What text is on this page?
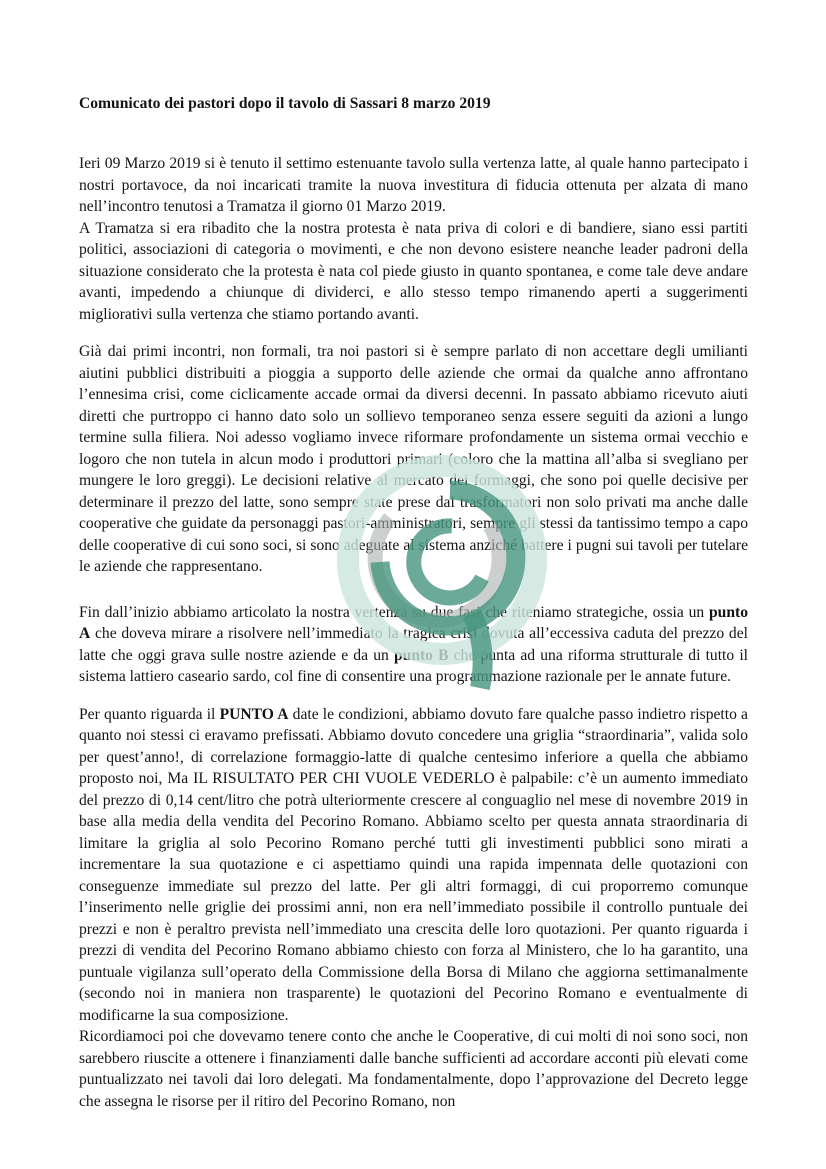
Comunicato dei pastori dopo il tavolo di Sassari 8 marzo 2019

Ieri 09 Marzo 2019 si è tenuto il settimo estenuante tavolo sulla vertenza latte, al quale hanno partecipato i nostri portavoce, da noi incaricati tramite la nuova investitura di fiducia ottenuta per alzata di mano nell’incontro tenutosi a Tramatza il giorno 01 Marzo 2019.

A Tramatza si era ribadito che la nostra protesta è nata priva di colori e di bandiere, siano essi partiti politici, associazioni di categoria o movimenti, e che non devono esistere neanche leader padroni della situazione considerato che la protesta è nata col piede giusto in quanto spontanea, e come tale deve andare avanti, impedendo a chiunque di dividerci, e allo stesso tempo rimanendo aperti a suggerimenti migliorativi sulla vertenza che stiamo portando avanti.

Già dai primi incontri, non formali, tra noi pastori si è sempre parlato di non accettare degli umilianti aiutini pubblici distribuiti a pioggia a supporto delle aziende che ormai da qualche anno affrontano l’ennesima crisi, come ciclicamente accade ormai da diversi decenni. In passato abbiamo ricevuto aiuti diretti che purtroppo ci hanno dato solo un sollievo temporaneo senza essere seguiti da azioni a lungo termine sulla filiera. Noi adesso vogliamo invece riformare profondamente un sistema ormai vecchio e logoro che non tutela in alcun modo i produttori primari (coloro che la mattina all’alba si svegliano per mungere le loro greggi). Le decisioni relative al mercato dei formaggi, che sono poi quelle decisive per determinare il prezzo del latte, sono sempre state prese dai trasformatori non solo privati ma anche dalle cooperative che guidate da personaggi pastori-amministratori, sempre gli stessi da tantissimo tempo a capo delle cooperative di cui sono soci, si sono adeguate al sistema anziché battere i pugni sui tavoli per tutelare le aziende che rappresentano.

Fin dall’inizio abbiamo articolato la nostra vertenza su due fasi che riteniamo strategiche, ossia un punto A che doveva mirare a risolvere nell’immediato la tragica crisi dovuta all’eccessiva caduta del prezzo del latte che oggi grava sulle nostre aziende e da un punto B che punta ad una riforma strutturale di tutto il sistema lattiero caseario sardo, col fine di consentire una programmazione razionale per le annate future.

Per quanto riguarda il PUNTO A date le condizioni, abbiamo dovuto fare qualche passo indietro rispetto a quanto noi stessi ci eravamo prefissati. Abbiamo dovuto concedere una griglia “straordinaria”, valida solo per quest’anno!, di correlazione formaggio-latte di qualche centesimo inferiore a quella che abbiamo proposto noi, Ma IL RISULTATO PER CHI VUOLE VEDERLO è palpabile: c’è un aumento immediato del prezzo di 0,14 cent/litro che potrà ulteriormente crescere al conguaglio nel mese di novembre 2019 in base alla media della vendita del Pecorino Romano. Abbiamo scelto per questa annata straordinaria di limitare la griglia al solo Pecorino Romano perché tutti gli investimenti pubblici sono mirati a incrementare la sua quotazione e ci aspettiamo quindi una rapida impennata delle quotazioni con conseguenze immediate sul prezzo del latte. Per gli altri formaggi, di cui proporremo comunque l’inserimento nelle griglie dei prossimi anni, non era nell’immediato possibile il controllo puntuale dei prezzi e non è peraltro prevista nell’immediato una crescita delle loro quotazioni. Per quanto riguarda i prezzi di vendita del Pecorino Romano abbiamo chiesto con forza al Ministero, che lo ha garantito, una puntuale vigilanza sull’operato della Commissione della Borsa di Milano che aggiorna settimanalmente (secondo noi in maniera non trasparente) le quotazioni del Pecorino Romano e eventualmente di modificarne la sua composizione.

Ricordiamoci poi che dovevamo tenere conto che anche le Cooperative, di cui molti di noi sono soci, non sarebbero riuscite a ottenere i finanziamenti dalle banche sufficienti ad accordare acconti più elevati come puntualizzato nei tavoli dai loro delegati. Ma fondamentalmente, dopo l’approvazione del Decreto legge che assegna le risorse per il ritiro del Pecorino Romano, non
